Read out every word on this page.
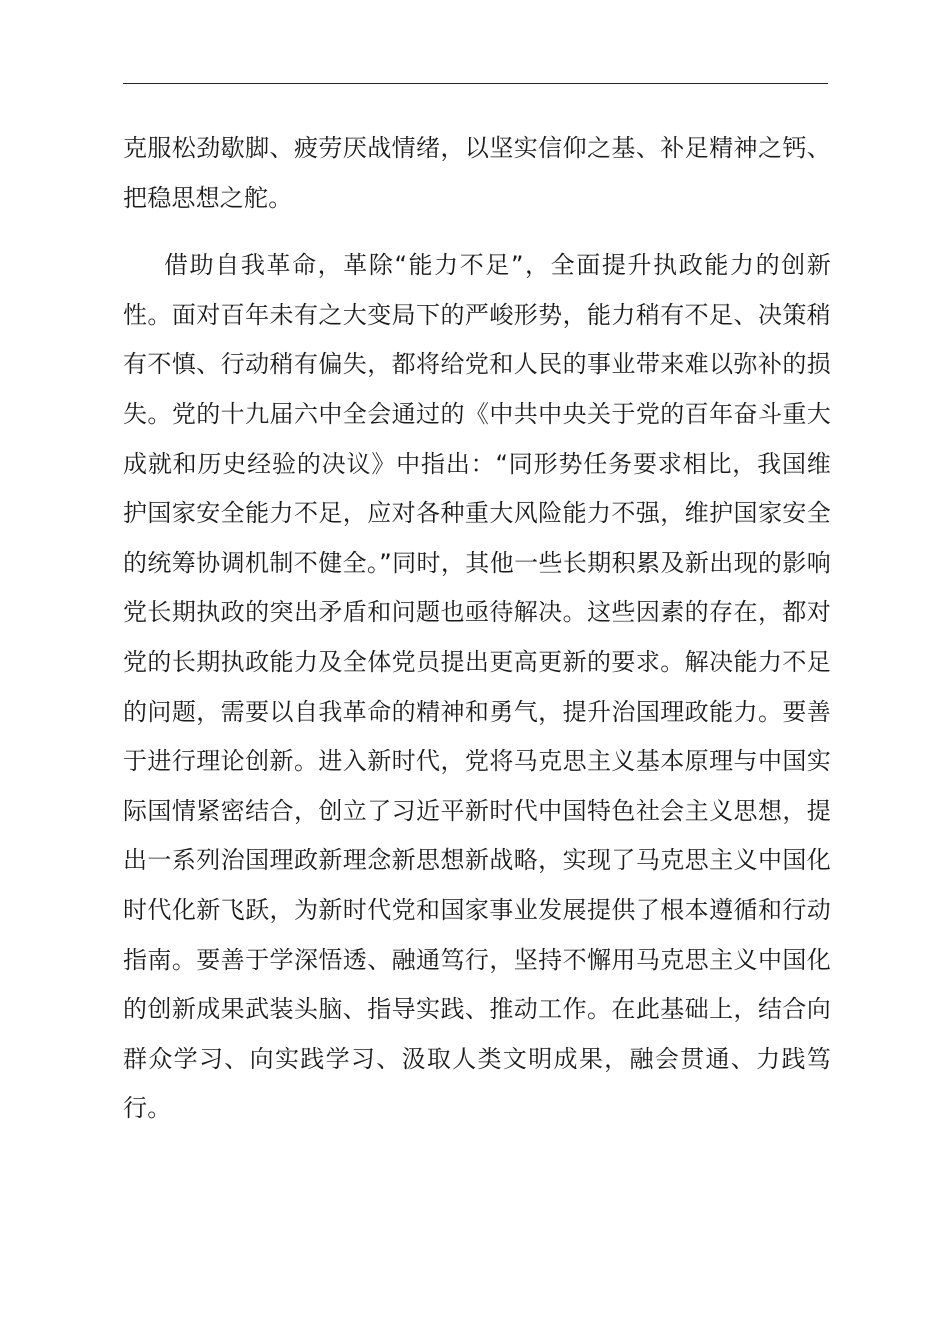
克服松劲歇脚、疲劳厌战情绪，以坚实信仰之基、补足精神之钙、把稳思想之舵。

借助自我革命，革除“能力不足”，全面提升执政能力的创新性。面对百年未有之大变局下的严峻形势，能力稍有不足、决策稍有不慎、行动稍有偏失，都将给党和人民的事业带来难以弥补的损失。党的十九届六中全会通过的《中共中央关于党的百年奋斗重大成就和历史经验的决议》中指出：“同形势任务要求相比，我国维护国家安全能力不足，应对各种重大风险能力不强，维护国家安全的统筹协调机制不健全。”同时，其他一些长期积累及新出现的影响党长期执政的突出矛盾和问题也亟待解决。这些因素的存在，都对党的长期执政能力及全体党员提出更高更新的要求。解决能力不足的问题，需要以自我革命的精神和勇气，提升治国理政能力。要善于进行理论创新。进入新时代，党将马克思主义基本原理与中国实际国情紧密结合，创立了习近平新时代中国特色社会主义思想，提出一系列治国理政新理念新思想新战略，实现了马克思主义中国化时代化新飞跃，为新时代党和国家事业发展提供了根本遵循和行动指南。要善于学深悟透、融通笃行，坚持不懈用马克思主义中国化的创新成果武装头脑、指导实践、推动工作。在此基础上，结合向群众学习、向实践学习、汲取人类文明成果，融会贯通、力践笃行。
